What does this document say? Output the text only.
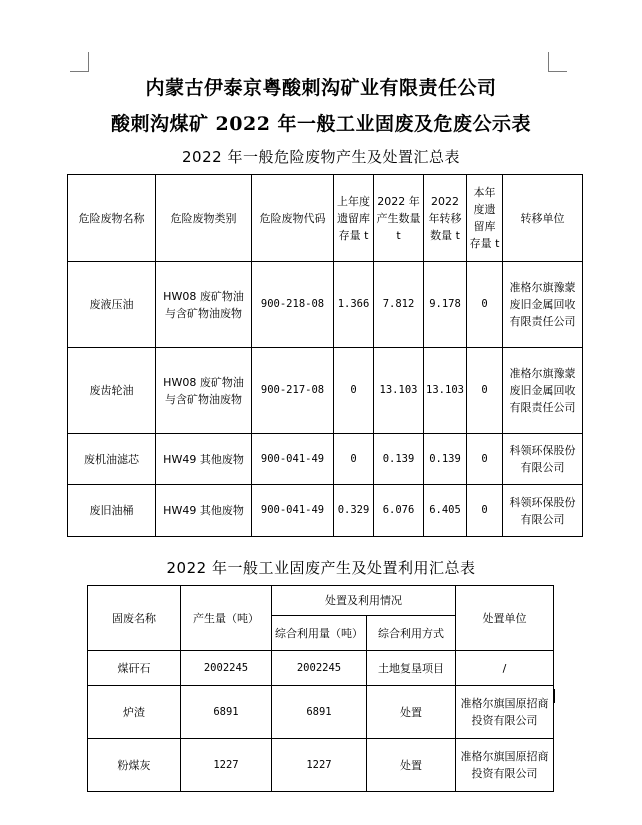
内蒙古伊泰京粤酸刺沟矿业有限责任公司
酸刺沟煤矿 2022 年一般工业固废及危废公示表
2022 年一般危险废物产生及处置汇总表
危险废物名称	危险废物类别	危险废物代码	上年度遗留库存量 t	2022 年产生数量 t	2022 年转移数量 t	本年度遗留库存量 t	转移单位
废液压油	HW08 废矿物油与含矿物油废物	900-218-08	1.366	7.812	9.178	0	准格尔旗豫蒙废旧金属回收有限责任公司
废齿轮油	HW08 废矿物油与含矿物油废物	900-217-08	0	13.103	13.103	0	准格尔旗豫蒙废旧金属回收有限责任公司
废机油滤芯	HW49 其他废物	900-041-49	0	0.139	0.139	0	科领环保股份有限公司
废旧油桶	HW49 其他废物	900-041-49	0.329	6.076	6.405	0	科领环保股份有限公司
2022 年一般工业固废产生及处置利用汇总表
固废名称	产生量（吨）	处置及利用情况		处置单位
		综合利用量（吨）	综合利用方式	
煤矸石	2002245	2002245	土地复垦项目	/
炉渣	6891	6891	处置	准格尔旗国原招商投资有限公司
粉煤灰	1227	1227	处置	准格尔旗国原招商投资有限公司
